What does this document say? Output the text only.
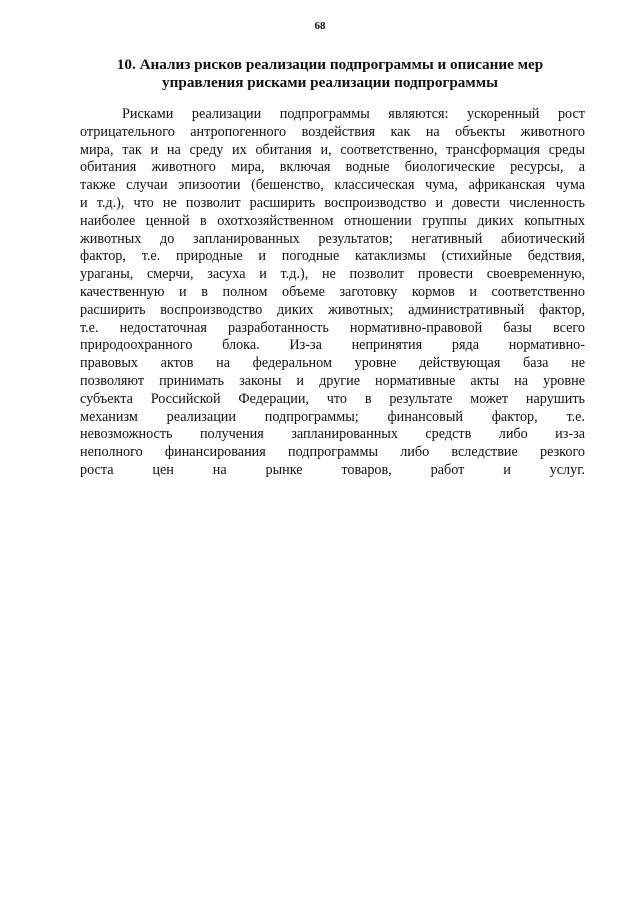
68
10. Анализ рисков реализации подпрограммы и описание мер
управления рисками реализации подпрограммы
Рисками реализации подпрограммы являются: ускоренный рост
отрицательного антропогенного воздействия как на объекты животного
мира, так и на среду их обитания и, соответственно, трансформация среды
обитания животного мира, включая водные биологические ресурсы, а
также случаи эпизоотии (бешенство, классическая чума, африканская чума
и т.д.), что не позволит расширить воспроизводство и довести численность
наиболее ценной в охотхозяйственном отношении группы диких копытных
животных до запланированных результатов; негативный абиотический
фактор, т.е. природные и погодные катаклизмы (стихийные бедствия,
ураганы, смерчи, засуха и т.д.), не позволит провести своевременную,
качественную и в полном объеме заготовку кормов и соответственно
расширить воспроизводство диких животных; административный фактор,
т.е. недостаточная разработанность нормативно-правовой базы всего
природоохранного блока. Из-за непринятия ряда нормативно-
правовых актов на федеральном уровне действующая база не
позволяют принимать законы и другие нормативные акты на уровне
субъекта Российской Федерации, что в результате может нарушить
механизм реализации подпрограммы; финансовый фактор, т.е.
невозможность получения запланированных средств либо из-за
неполного финансирования подпрограммы либо вследствие резкого
роста цен на рынке товаров, работ и услуг.
